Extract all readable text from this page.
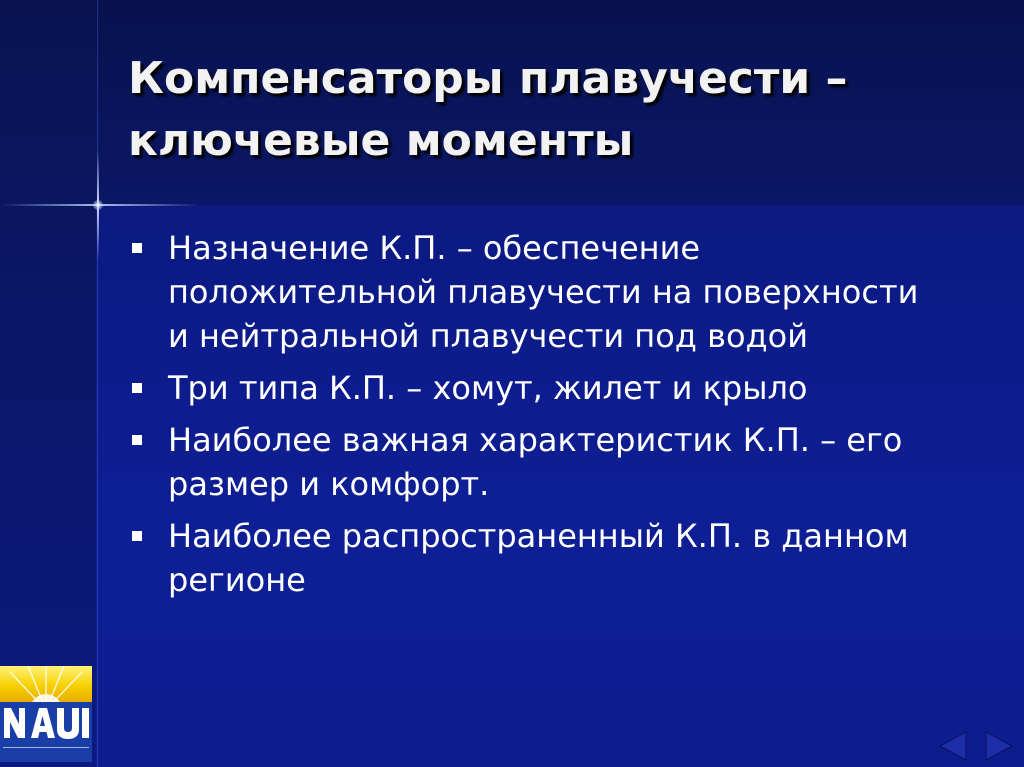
Компенсаторы плавучести – ключевые моменты
Назначение К.П. – обеспечение положительной плавучести на поверхности и нейтральной плавучести под водой
Три типа К.П. – хомут, жилет и крыло
Наиболее важная характеристик К.П. – его размер и комфорт.
Наиболее распространенный К.П. в данном регионе
